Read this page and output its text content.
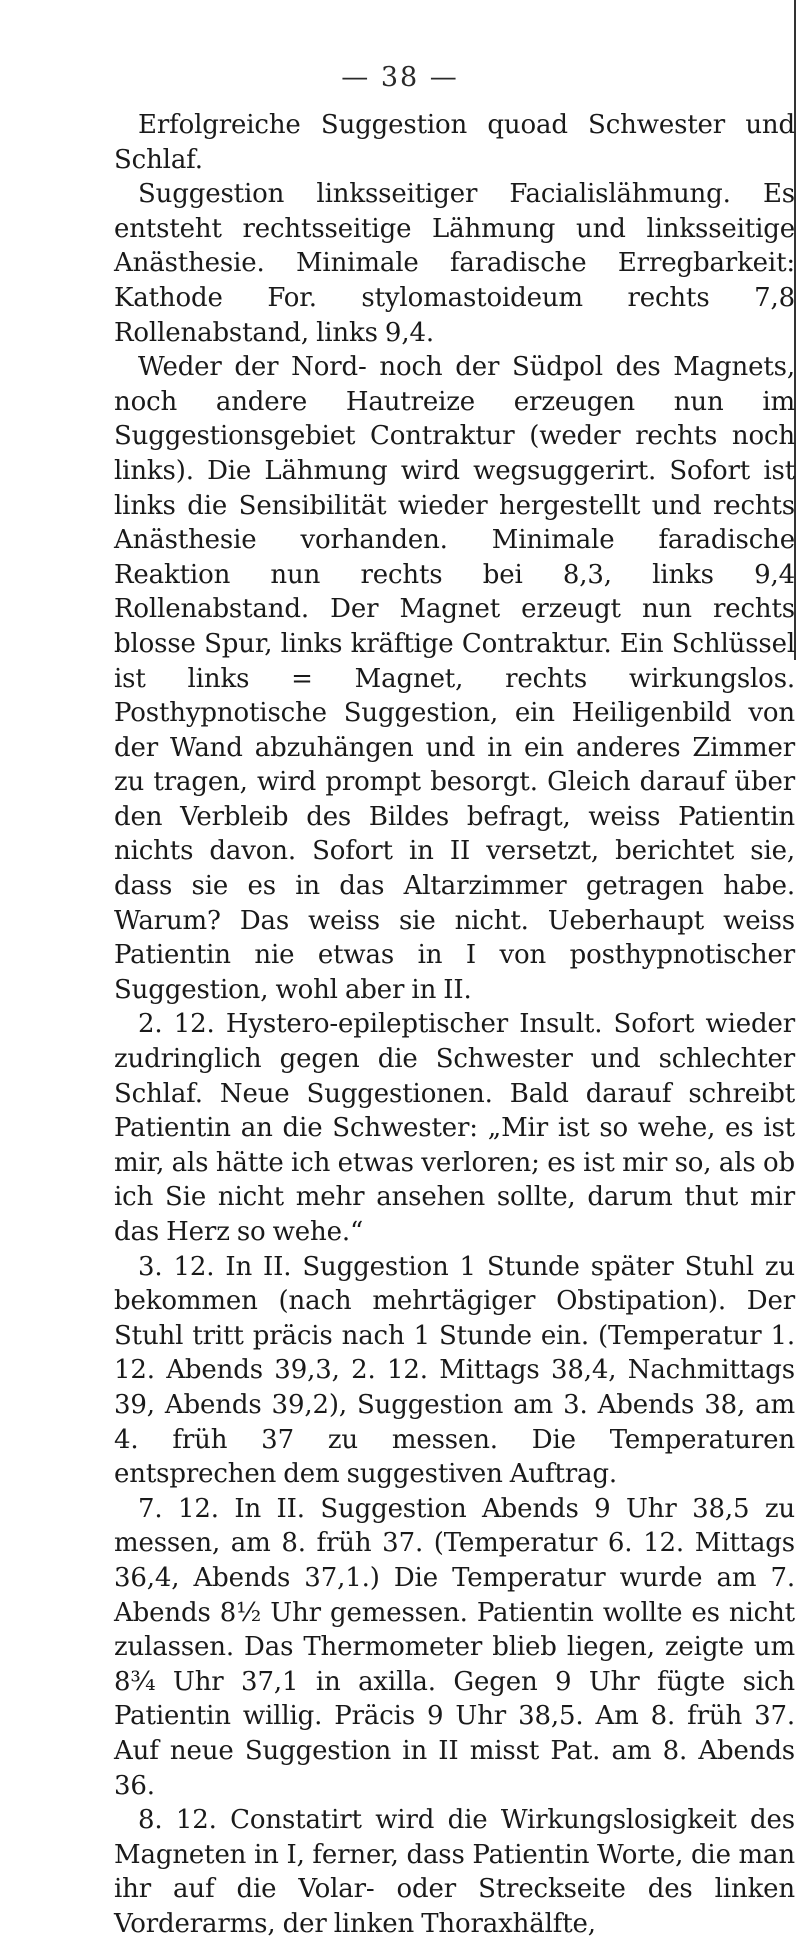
— 38 —

Erfolgreiche Suggestion quoad Schwester und Schlaf.

Suggestion linksseitiger Facialislähmung. Es entsteht rechtsseitige Lähmung und linksseitige Anästhesie. Minimale faradische Erregbarkeit: Kathode For. stylomastoideum rechts 7,8 Rollenabstand, links 9,4.

Weder der Nord- noch der Südpol des Magnets, noch andere Hautreize erzeugen nun im Suggestionsgebiet Contraktur (weder rechts noch links). Die Lähmung wird wegsuggerirt. Sofort ist links die Sensibilität wieder hergestellt und rechts Anästhesie vorhanden. Minimale faradische Reaktion nun rechts bei 8,3, links 9,4 Rollenabstand. Der Magnet erzeugt nun rechts blosse Spur, links kräftige Contraktur. Ein Schlüssel ist links = Magnet, rechts wirkungslos. Posthypnotische Suggestion, ein Heiligenbild von der Wand abzuhängen und in ein anderes Zimmer zu tragen, wird prompt besorgt. Gleich darauf über den Verbleib des Bildes befragt, weiss Patientin nichts davon. Sofort in II versetzt, berichtet sie, dass sie es in das Altarzimmer getragen habe. Warum? Das weiss sie nicht. Ueberhaupt weiss Patientin nie etwas in I von posthypnotischer Suggestion, wohl aber in II.

2. 12. Hystero-epileptischer Insult. Sofort wieder zudringlich gegen die Schwester und schlechter Schlaf. Neue Suggestionen. Bald darauf schreibt Patientin an die Schwester: „Mir ist so wehe, es ist mir, als hätte ich etwas verloren; es ist mir so, als ob ich Sie nicht mehr ansehen sollte, darum thut mir das Herz so wehe.“

3. 12. In II. Suggestion 1 Stunde später Stuhl zu bekommen (nach mehrtägiger Obstipation). Der Stuhl tritt präcis nach 1 Stunde ein. (Temperatur 1. 12. Abends 39,3, 2. 12. Mittags 38,4, Nachmittags 39, Abends 39,2), Suggestion am 3. Abends 38, am 4. früh 37 zu messen. Die Temperaturen entsprechen dem suggestiven Auftrag.

7. 12. In II. Suggestion Abends 9 Uhr 38,5 zu messen, am 8. früh 37. (Temperatur 6. 12. Mittags 36,4, Abends 37,1.) Die Temperatur wurde am 7. Abends 8½ Uhr gemessen. Patientin wollte es nicht zulassen. Das Thermometer blieb liegen, zeigte um 8¾ Uhr 37,1 in axilla. Gegen 9 Uhr fügte sich Patientin willig. Präcis 9 Uhr 38,5. Am 8. früh 37. Auf neue Suggestion in II misst Pat. am 8. Abends 36.

8. 12. Constatirt wird die Wirkungslosigkeit des Magneten in I, ferner, dass Patientin Worte, die man ihr auf die Volar- oder Streckseite des linken Vorderarms, der linken Thoraxhälfte,
